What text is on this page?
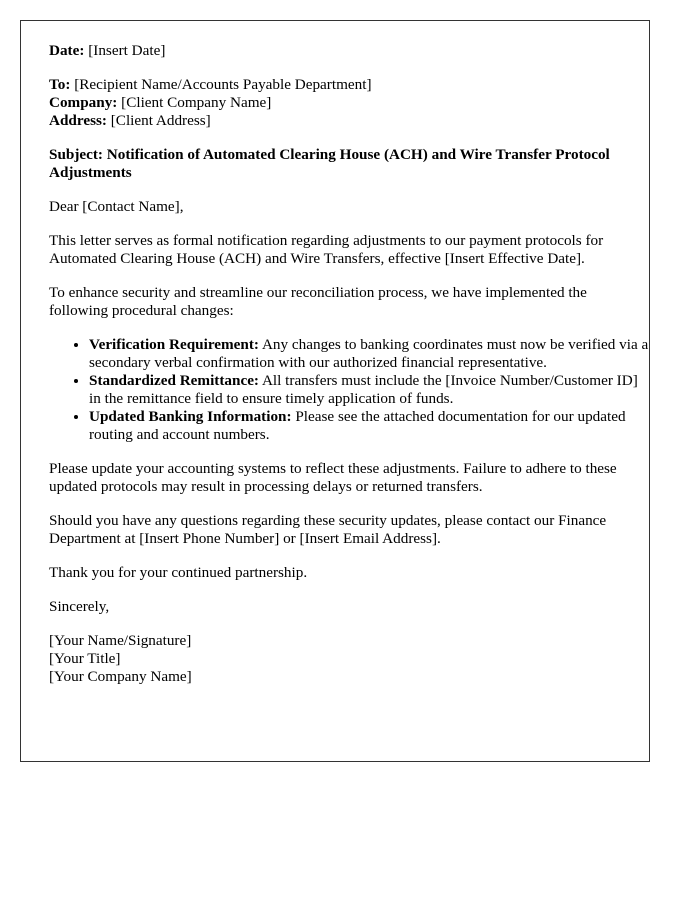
Date: [Insert Date]
To: [Recipient Name/Accounts Payable Department]
Company: [Client Company Name]
Address: [Client Address]

Subject: Notification of Automated Clearing House (ACH) and Wire Transfer Protocol Adjustments

Dear [Contact Name],

This letter serves as formal notification regarding adjustments to our payment protocols for Automated Clearing House (ACH) and Wire Transfers, effective [Insert Effective Date].

To enhance security and streamline our reconciliation process, we have implemented the following procedural changes:

• Verification Requirement: Any changes to banking coordinates must now be verified via a secondary verbal confirmation with our authorized financial representative.
• Standardized Remittance: All transfers must include the [Invoice Number/Customer ID] in the remittance field to ensure timely application of funds.
• Updated Banking Information: Please see the attached documentation for our updated routing and account numbers.

Please update your accounting systems to reflect these adjustments. Failure to adhere to these updated protocols may result in processing delays or returned transfers.

Should you have any questions regarding these security updates, please contact our Finance Department at [Insert Phone Number] or [Insert Email Address].

Thank you for your continued partnership.

Sincerely,

[Your Name/Signature]
[Your Title]
[Your Company Name]
